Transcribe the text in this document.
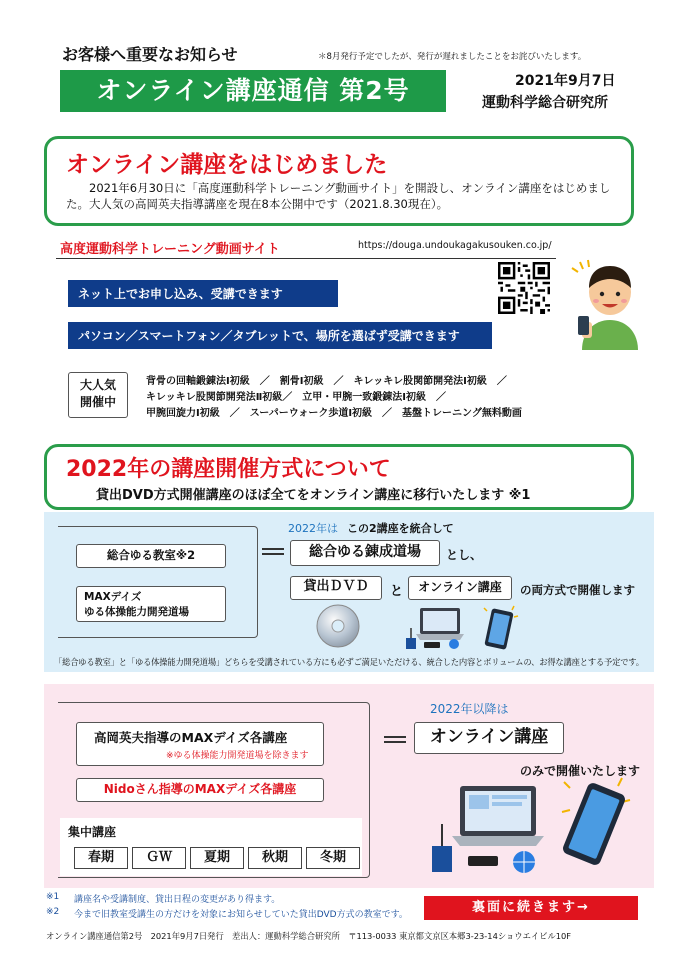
お客様へ重要なお知らせ	＊8月発行予定でしたが、発行が遅れましたことをお詫びいたします。
オンライン講座通信 第2号	2021年9月7日
運動科学総合研究所
オンライン講座をはじめました
2021年6月30日に「高度運動科学トレーニング動画サイト」を開設し、オンライン講座をはじめました。大人気の高岡英夫指導講座を現在8本公開中です（2021.8.30現在）。
高度運動科学トレーニング動画サイト	https://douga.undoukagakusouken.co.jp/
ネット上でお申し込み、受講できます
パソコン／スマートフォン／タブレットで、場所を選ばず受講できます
大人気
開催中
背骨の回軸鍛錬法Ⅰ初級　／　割骨Ⅰ初級　／　キレッキレ股関節開発法Ⅰ初級　／
キレッキレ股関節開発法Ⅱ初級／　立甲・甲腕一致鍛錬法Ⅰ初級　／
甲腕回旋力Ⅰ初級　／　スーパーウォーク歩道Ⅰ初級　／　基盤トレーニング無料動画
2022年の講座開催方式について
貸出DVD方式開催講座のほぼ全てをオンライン講座に移行いたします ※1
総合ゆる教室※2
MAXデイズ
ゆる体操能力開発道場
2022年は この2講座を統合して
総合ゆる錬成道場	とし、
貸出ＤＶＤ	と	オンライン講座	の両方式で開催します
「総合ゆる教室」と「ゆる体操能力開発道場」どちらを受講されている方にも必ずご満足いただける、統合した内容とボリュームの、お得な講座とする予定です。
高岡英夫指導のMAXデイズ各講座
※ゆる体操能力開発道場を除きます
Nidoさん指導のMAXデイズ各講座
集中講座
春期 ＧＷ 夏期 秋期 冬期
2022年以降は
オンライン講座
のみで開催いたします
※1 講座名や受講制度、貸出日程の変更があり得ます。
※2 今まで旧教室受講生の方だけを対象にお知らせしていた貸出DVD方式の教室です。	裏面に続きます→
オンライン講座通信第2号　2021年9月7日発行　差出人：運動科学総合研究所　〒113-0033 東京都文京区本郷3-23-14ショウエイビル10F
